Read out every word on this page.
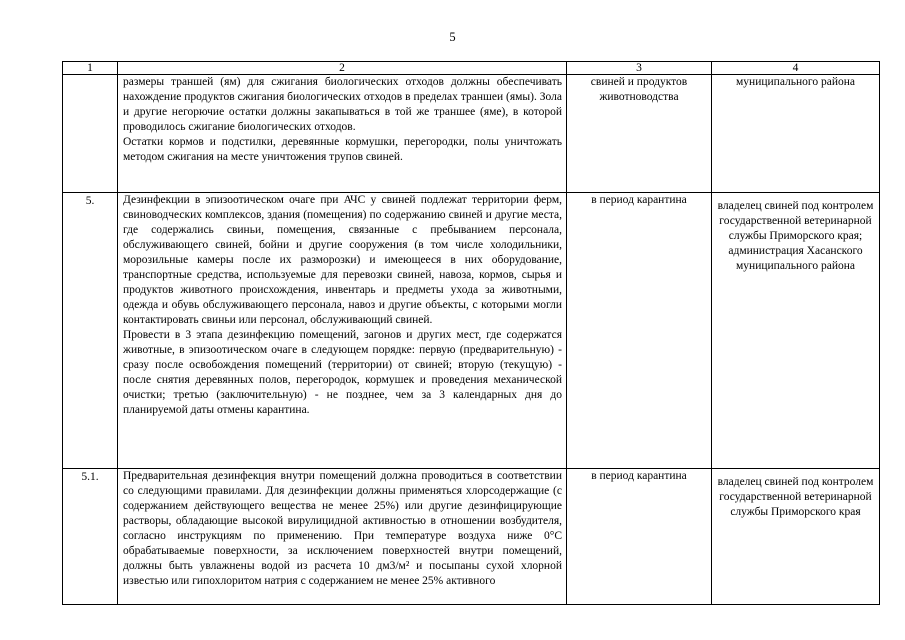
5
1	2	3	4

	размеры траншей (ям) для сжигания биологических отходов должны обеспечивать нахождение продуктов сжигания биологических отходов в пределах траншеи (ямы). Зола и другие негорючие остатки должны закапываться в той же траншее (яме), в которой проводилось сжигание биологических отходов.
Остатки кормов и подстилки, деревянные кормушки, перегородки, полы уничтожать методом сжигания на месте уничтожения трупов свиней.	свиней и продуктов животноводства	муниципального района
5.	Дезинфекции в эпизоотическом очаге при АЧС у свиней подлежат территории ферм, свиноводческих комплексов, здания (помещения) по содержанию свиней и другие места, где содержались свиньи, помещения, связанные с пребыванием персонала, обслуживающего свиней, бойни и другие сооружения (в том числе холодильники, морозильные камеры после их разморозки) и имеющееся в них оборудование, транспортные средства, используемые для перевозки свиней, навоза, кормов, сырья и продуктов животного происхождения, инвентарь и предметы ухода за животными, одежда и обувь обслуживающего персонала, навоз и другие объекты, с которыми могли контактировать свиньи или персонал, обслуживающий свиней.
Провести в 3 этапа дезинфекцию помещений, загонов и других мест, где содержатся животные, в эпизоотическом очаге в следующем порядке: первую (предварительную) - сразу после освобождения помещений (территории) от свиней; вторую (текущую) - после снятия деревянных полов, перегородок, кормушек и проведения механической очистки; третью (заключительную) - не позднее, чем за 3 календарных дня до планируемой даты отмены карантина.	в период карантина	владелец свиней под контролем государственной ветеринарной службы Приморского края; администрация Хасанского муниципального района
5.1.	Предварительная дезинфекция внутри помещений должна проводиться в соответствии со следующими правилами. Для дезинфекции должны применяться хлорсодержащие (с содержанием действующего вещества не менее 25%) или другие дезинфицирующие растворы, обладающие высокой вирулицидной активностью в отношении возбудителя, согласно инструкциям по применению. При температуре воздуха ниже 0°C обрабатываемые поверхности, за исключением поверхностей внутри помещений, должны быть увлажнены водой из расчета 10 дм3/м² и посыпаны сухой хлорной известью или гипохлоритом натрия с содержанием не менее 25% активного	в период карантина	владелец свиней под контролем государственной ветеринарной службы Приморского края
